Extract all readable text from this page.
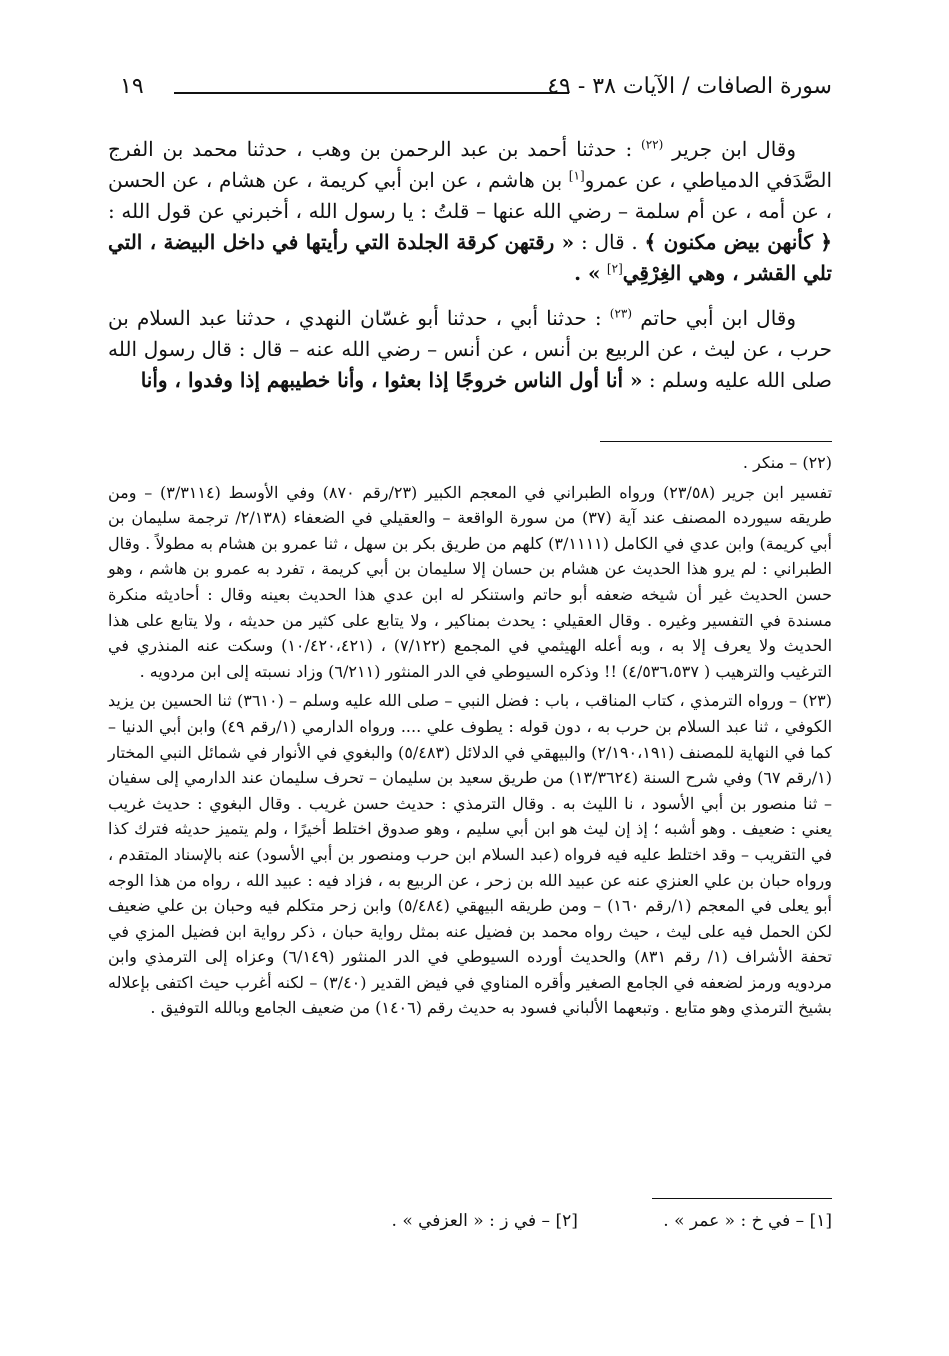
١٩	سورة الصافات / الآيات ٣٨ - ٤٩

وقال ابن جرير $^{(٢٢)}$ : حدثنا أحمد بن عبد الرحمن بن وهب ، حدثنا محمد بن الفرج الصَّدَفي الدمياطي ، عن عمرو[١] بن هاشم ، عن ابن أبي كريمة ، عن هشام ، عن الحسن ، عن أمه ، عن أم سلمة – رضي الله عنها – قلتُ : يا رسول الله ، أخبرني عن قول الله : ﴿ كأنهن بيض مكنون ﴾ . قال : « رقتهن كرقة الجلدة التي رأيتها في داخل البيضة ، التي تلي القشر ، وهي الغِرْقِي[٢] » .

وقال ابن أبي حاتم $^{(٢٣)}$ : حدثنا أبي ، حدثنا أبو غسّان النهدي ، حدثنا عبد السلام بن حرب ، عن ليث ، عن الربيع بن أنس ، عن أنس – رضي الله عنه – قال : قال رسول الله صلى الله عليه وسلم : « أنا أول الناس خروجًا إذا بعثوا ، وأنا خطيبهم إذا وفدوا ، وأنا

(٢٢) – منكر .

تفسير ابن جرير (٢٣/٥٨) ورواه الطبراني في المعجم الكبير (٢٣/رقم ٨٧٠) وفي الأوسط (٣/٣١١٤) – ومن طريقه سيورده المصنف عند آية (٣٧) من سورة الواقعة – والعقيلي في الضعفاء (٢/١٣٨/ ترجمة سليمان بن أبي كريمة) وابن عدي في الكامل (٣/١١١١) كلهم من طريق بكر بن سهل ، ثنا عمرو بن هشام به مطولاً . وقال الطبراني : لم يرو هذا الحديث عن هشام بن حسان إلا سليمان بن أبي كريمة ، تفرد به عمرو بن هاشم ، وهو حسن الحديث غير أن شيخه ضعفه أبو حاتم واستنكر له ابن عدي هذا الحديث بعينه وقال : أحاديثه منكرة مسندة في التفسير وغيره . وقال العقيلي : يحدث بمناكير ، ولا يتابع على كثير من حديثه ، ولا يتابع على هذا الحديث ولا يعرف إلا به ، وبه أعله الهيثمي في المجمع (٧/١٢٢) ، (١٠/٤٢٠،٤٢١) وسكت عنه المنذري في الترغيب والترهيب ( ٤/٥٣٦،٥٣٧) !! وذكره السيوطي في الدر المنثور (٦/٢١١) وزاد نسبته إلى ابن مردويه .

(٢٣) – ورواه الترمذي ، كتاب المناقب ، باب : فضل النبي – صلى الله عليه وسلم – (٣٦١٠) ثنا الحسين بن يزيد الكوفي ، ثنا عبد السلام بن حرب به ، دون قوله : يطوف علي .... ورواه الدارمي (١/رقم ٤٩) وابن أبي الدنيا – كما في النهاية للمصنف (٢/١٩٠،١٩١) والبيهقي في الدلائل (٥/٤٨٣) والبغوي في الأنوار في شمائل النبي المختار (١/رقم ٦٧) وفي شرح السنة (١٣/٣٦٢٤) من طريق سعيد بن سليمان – تحرف سليمان عند الدارمي إلى سفيان – ثنا منصور بن أبي الأسود ، نا الليث به . وقال الترمذي : حديث حسن غريب . وقال البغوي : حديث غريب يعني : ضعيف . وهو أشبه ؛ إذ إن ليث هو ابن أبي سليم ، وهو صدوق اختلط أخيرًا ، ولم يتميز حديثه فترك كذا في التقريب – وقد اختلط عليه فيه فرواه (عبد السلام ابن حرب ومنصور بن أبي الأسود) عنه بالإسناد المتقدم ، ورواه حبان بن علي العنزي عنه عن عبيد الله بن زحر ، عن الربيع به ، فزاد فيه : عبيد الله ، رواه من هذا الوجه أبو يعلى في المعجم (١/رقم ١٦٠) – ومن طريقه البيهقي (٥/٤٨٤) وابن زحر متكلم فيه وحبان بن علي ضعيف لكن الحمل فيه على ليث ، حيث رواه محمد بن فضيل عنه بمثل رواية حبان ، ذكر رواية ابن فضيل المزي في تحفة الأشراف (١/ رقم ٨٣١) والحديث أورده السيوطي في الدر المنثور (٦/١٤٩) وعزاه إلى الترمذي وابن مردويه ورمز لضعفه في الجامع الصغير وأقره المناوي في فيض القدير (٣/٤٠) – لكنه أغرب حيث اكتفى بإعلاله بشيخ الترمذي وهو متابع . وتبعهما الألباني فسود به حديث رقم (١٤٠٦) من ضعيف الجامع وبالله التوفيق .

[١] – في خ : « عمر » . [٢] – في ز : « العزفي » .
